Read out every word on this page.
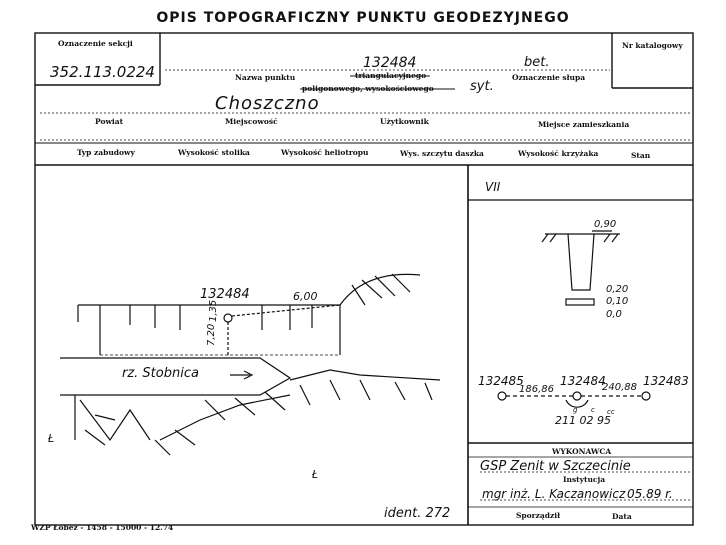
OPIS TOPOGRAFICZNY PUNKTU GEODEZYJNEGO
Oznaczenie sekcji
352.113.0224
Nr katalogowy
132484	bet.
Nazwa punktu	triangulacyjnego
poligonowego, wysokościowego	syt.
Oznaczenie słupa
Choszczno
Powiat	Miejscowość	Użytkownik	Miejsce zamieszkania
Typ zabudowy	Wysokość stolika	Wysokość heliotropu	Wys. szczytu daszka	Wysokość krzyżaka	Stan
132484	6,00
7,20
1,35
rz. Stobnica
Ł
Ł
ident. 272
VII
0,90
0,20
0,10
0,0
132485	132484	132483
186,86	240,88
211 02 95
g c cc
WYKONAWCA
GSP Zenit w Szczecinie
Instytucja
mgr inż. L. Kaczanowicz 05.89 r.
Sporządził	Data
WZP Łobez - 1458 - 15000 - 12.74
